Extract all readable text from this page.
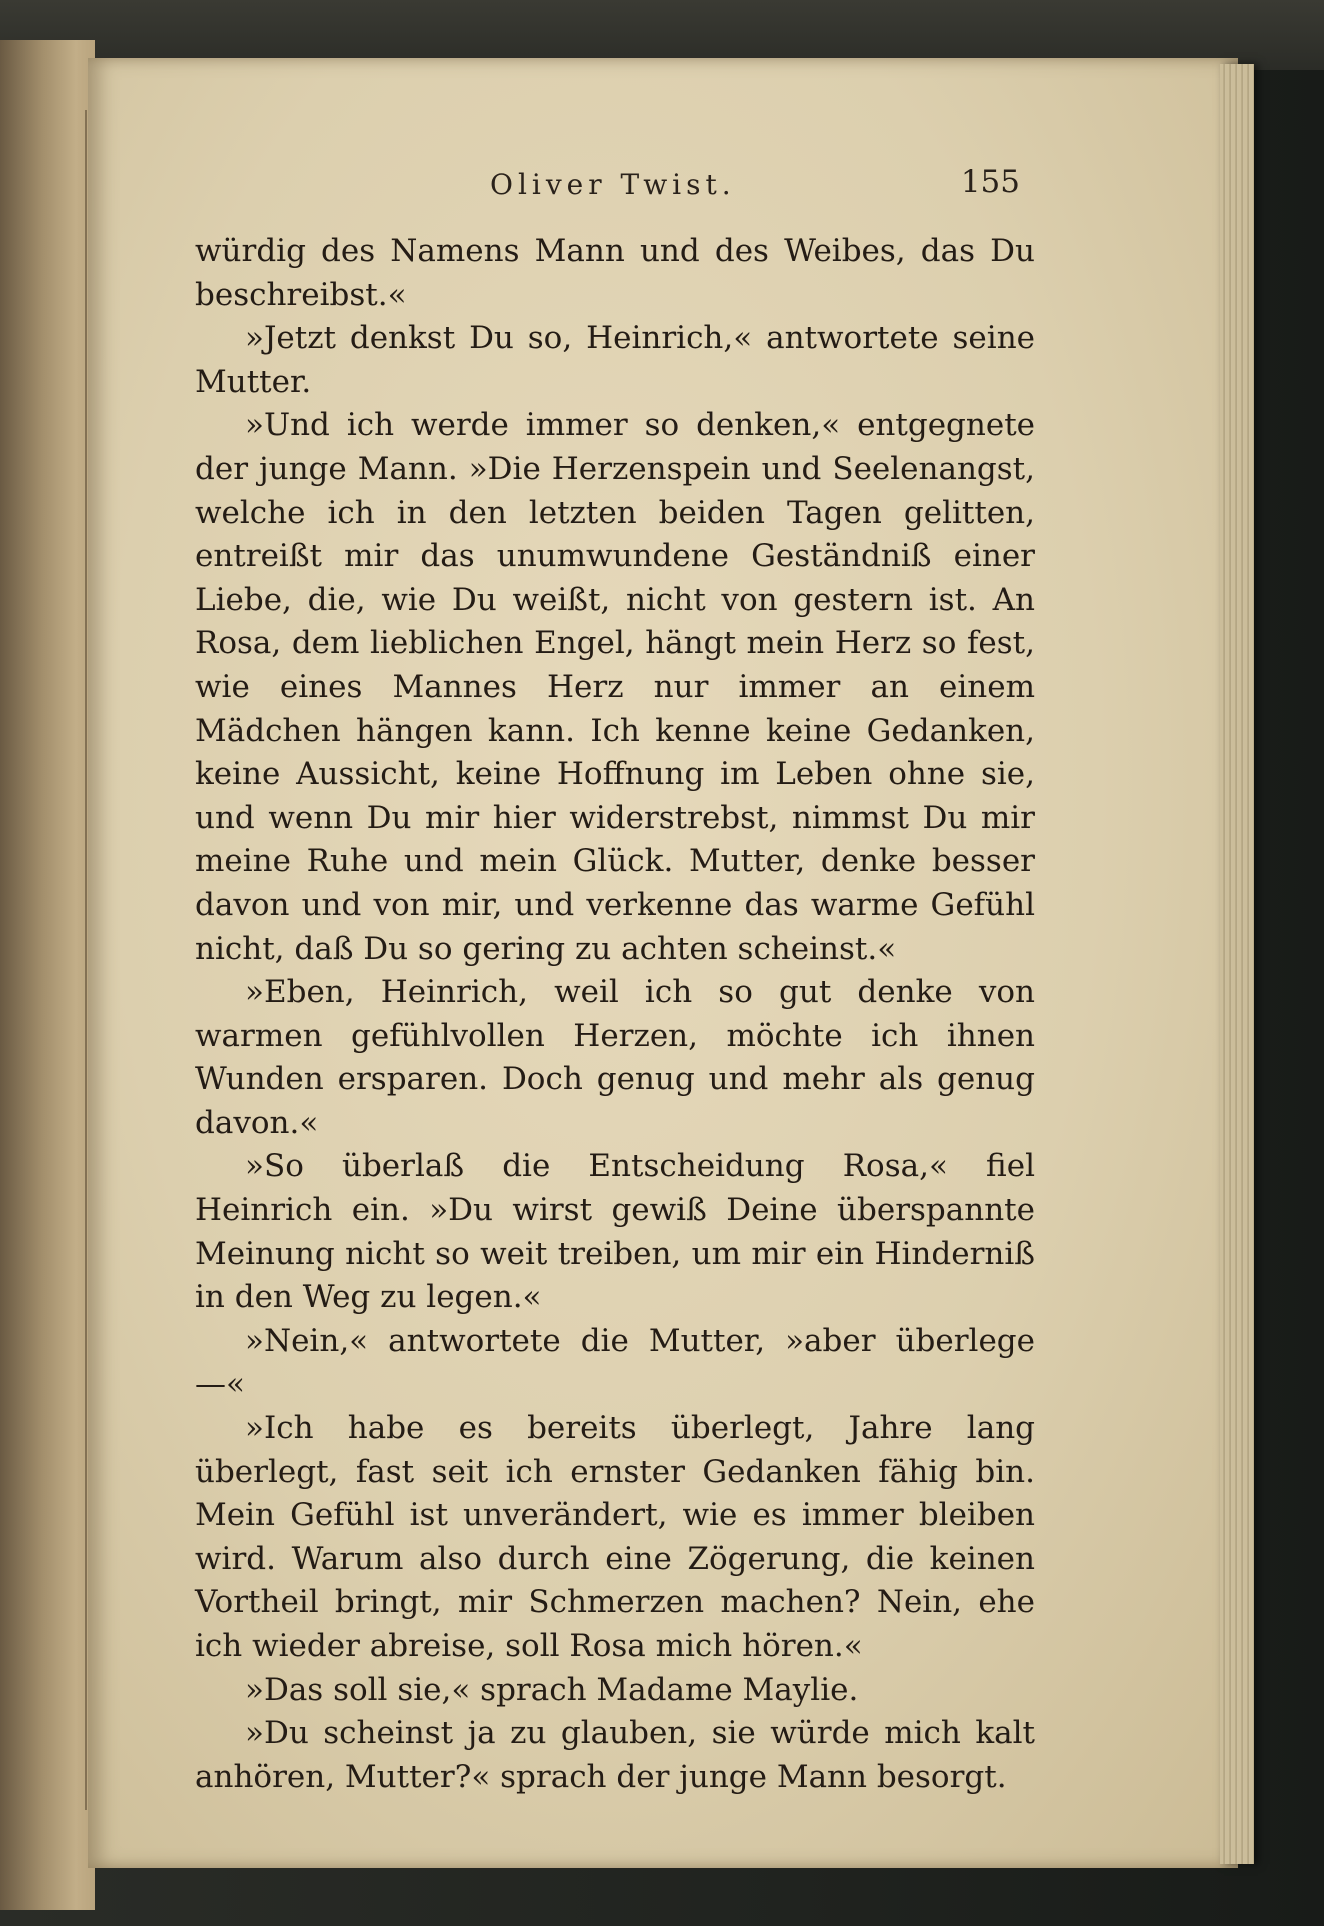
Oliver Twist.	155

würdig des Namens Mann und des Weibes, das Du beschreibst.«

»Jetzt denkst Du so, Heinrich,« antwortete seine Mutter.

»Und ich werde immer so denken,« entgegnete der junge Mann. »Die Herzenspein und Seelenangst, welche ich in den letzten beiden Tagen gelitten, entreißt mir das unumwundene Geständniß einer Liebe, die, wie Du weißt, nicht von gestern ist. An Rosa, dem lieblichen Engel, hängt mein Herz so fest, wie eines Mannes Herz nur immer an einem Mädchen hängen kann. Ich kenne keine Gedanken, keine Aussicht, keine Hoffnung im Leben ohne sie, und wenn Du mir hier widerstrebst, nimmst Du mir meine Ruhe und mein Glück. Mutter, denke besser davon und von mir, und verkenne das warme Gefühl nicht, daß Du so gering zu achten scheinst.«

»Eben, Heinrich, weil ich so gut denke von warmen gefühlvollen Herzen, möchte ich ihnen Wunden ersparen. Doch genug und mehr als genug davon.«

»So überlaß die Entscheidung Rosa,« fiel Heinrich ein. »Du wirst gewiß Deine überspannte Meinung nicht so weit treiben, um mir ein Hinderniß in den Weg zu legen.«

»Nein,« antwortete die Mutter, »aber überlege —«

»Ich habe es bereits überlegt, Jahre lang überlegt, fast seit ich ernster Gedanken fähig bin. Mein Gefühl ist unverändert, wie es immer bleiben wird. Warum also durch eine Zögerung, die keinen Vortheil bringt, mir Schmerzen machen? Nein, ehe ich wieder abreise, soll Rosa mich hören.«

»Das soll sie,« sprach Madame Maylie.

»Du scheinst ja zu glauben, sie würde mich kalt anhören, Mutter?« sprach der junge Mann besorgt.
